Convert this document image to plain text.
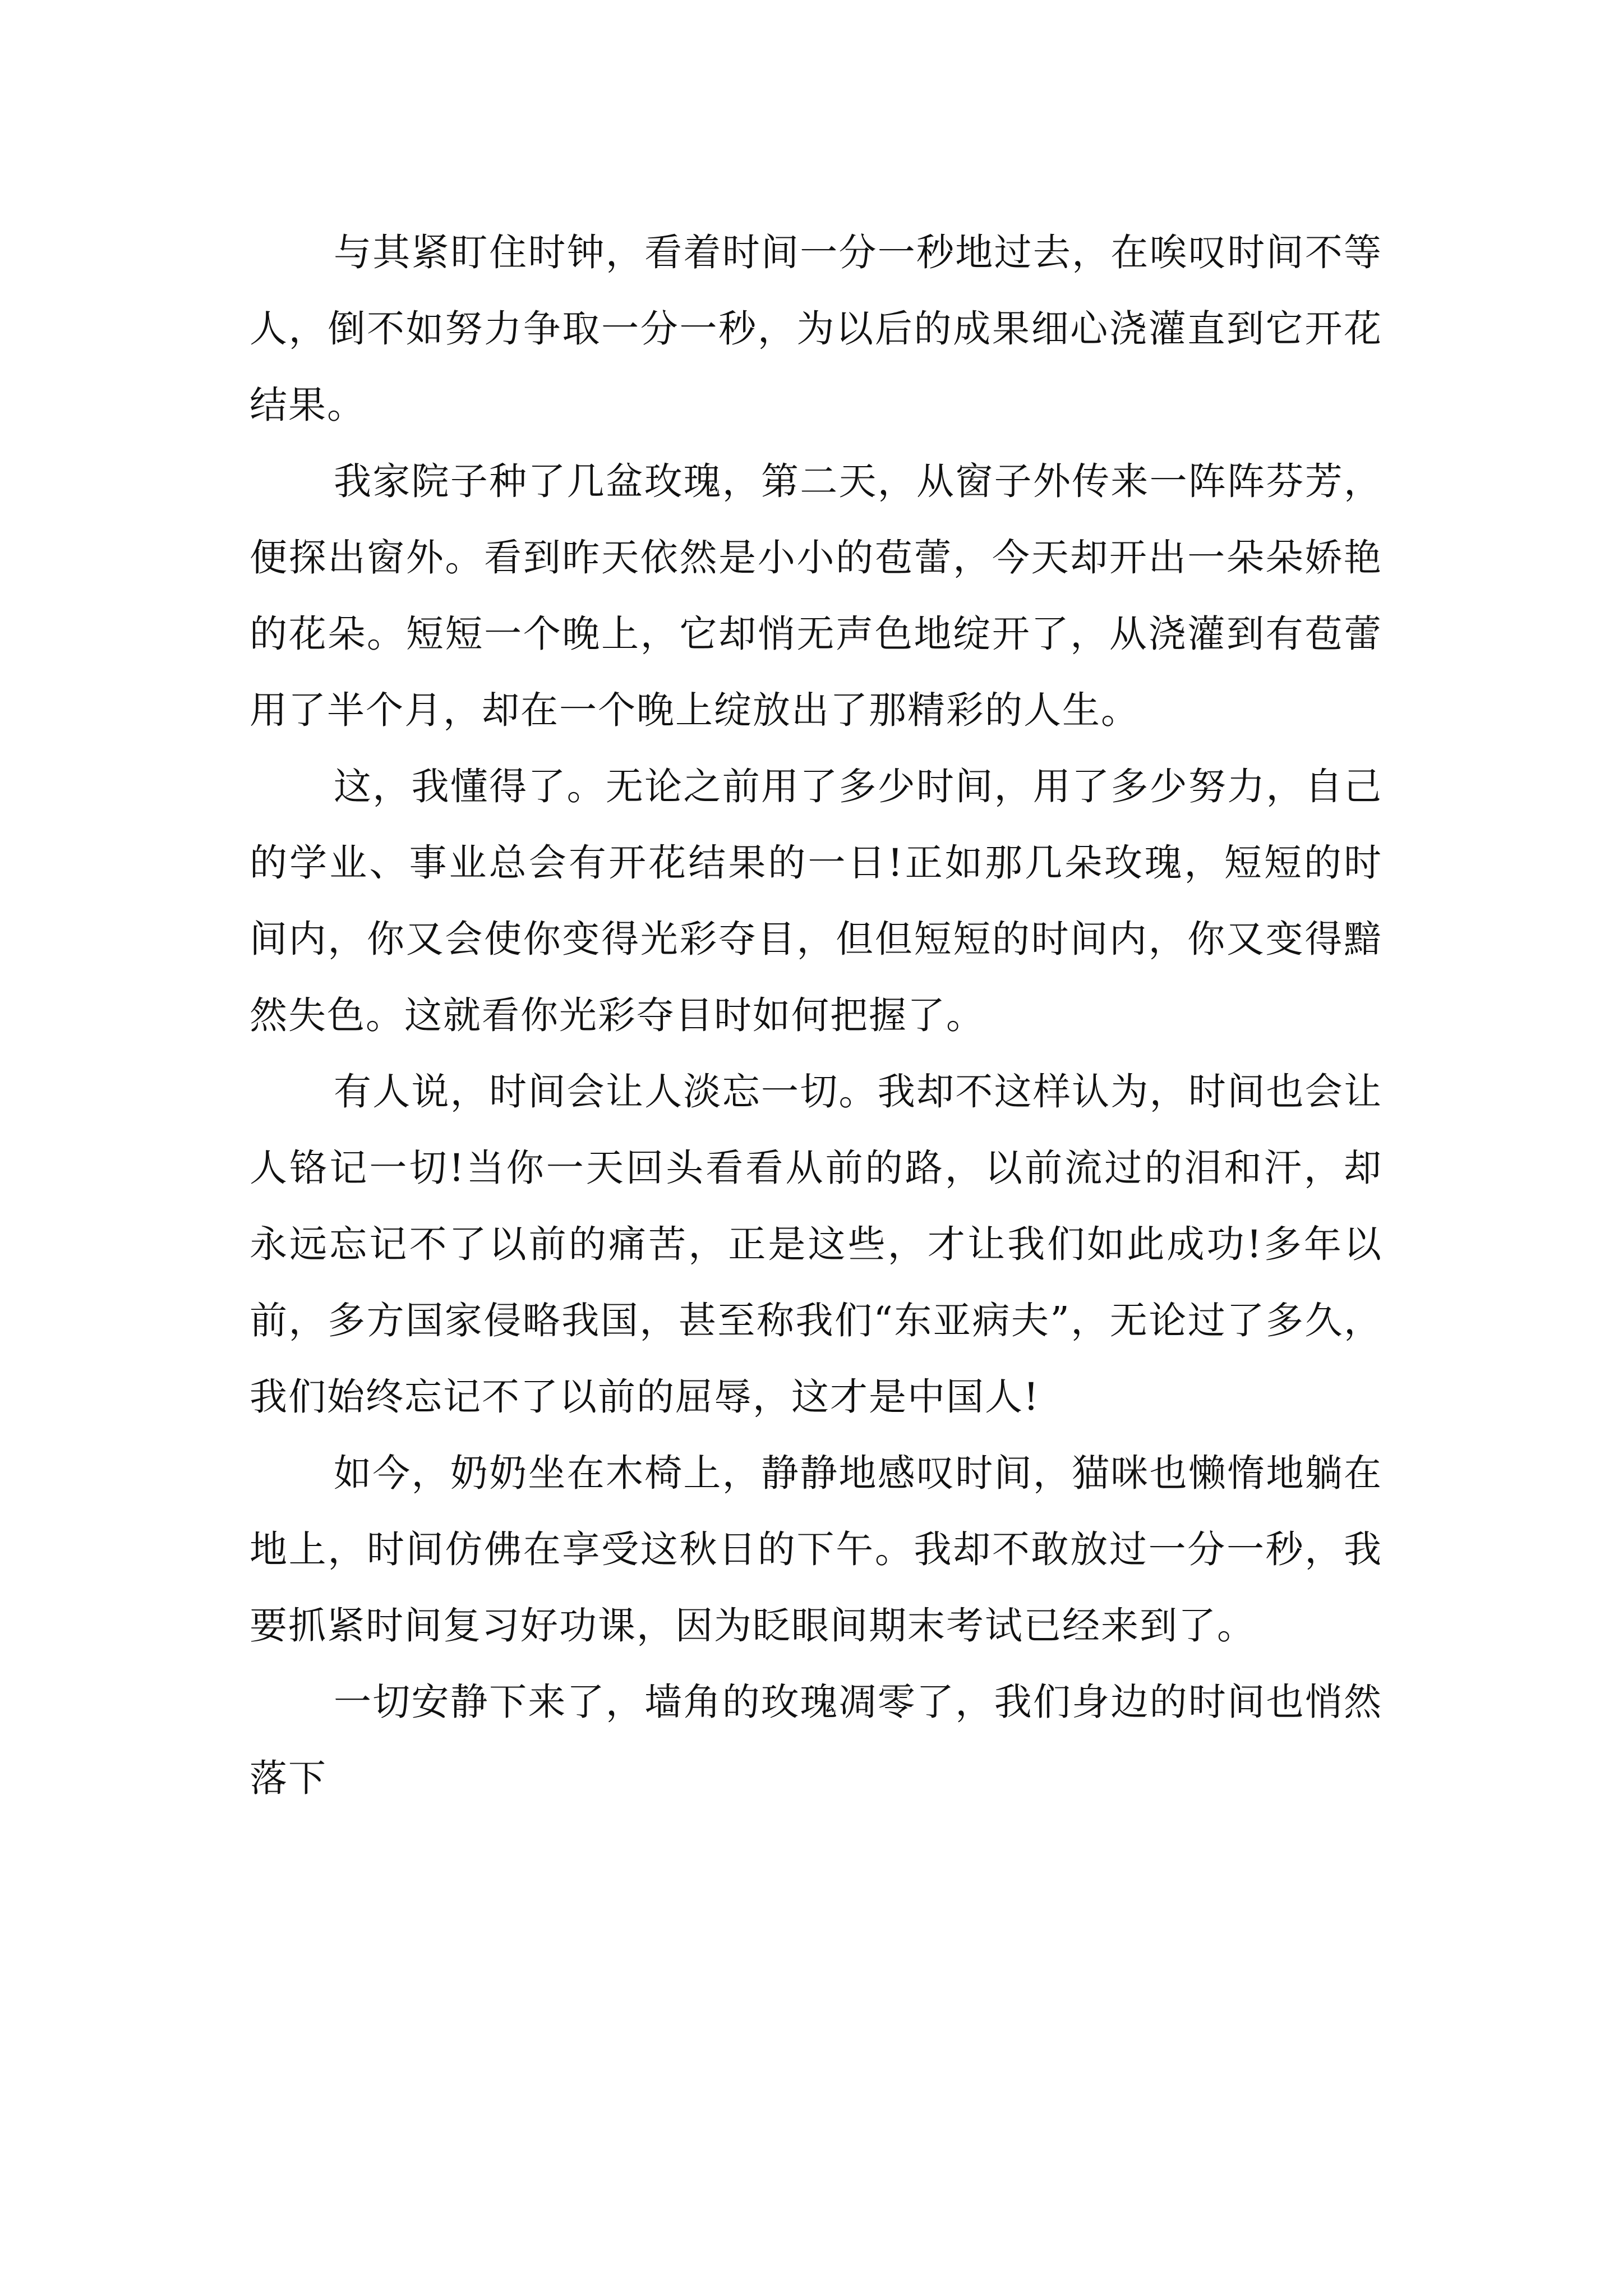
与其紧盯住时钟，看着时间一分一秒地过去，在唉叹时间不等人，倒不如努力争取一分一秒，为以后的成果细心浇灌直到它开花结果。

我家院子种了几盆玫瑰，第二天，从窗子外传来一阵阵芬芳，便探出窗外。看到昨天依然是小小的苞蕾，今天却开出一朵朵娇艳的花朵。短短一个晚上，它却悄无声色地绽开了，从浇灌到有苞蕾用了半个月，却在一个晚上绽放出了那精彩的人生。

这，我懂得了。无论之前用了多少时间，用了多少努力，自己的学业、事业总会有开花结果的一日!正如那几朵玫瑰，短短的时间内，你又会使你变得光彩夺目，但但短短的时间内，你又变得黯然失色。这就看你光彩夺目时如何把握了。

有人说，时间会让人淡忘一切。我却不这样认为，时间也会让人铬记一切!当你一天回头看看从前的路，以前流过的泪和汗，却永远忘记不了以前的痛苦，正是这些，才让我们如此成功!多年以前，多方国家侵略我国，甚至称我们“东亚病夫”，无论过了多久，我们始终忘记不了以前的屈辱，这才是中国人!

如今，奶奶坐在木椅上，静静地感叹时间，猫咪也懒惰地躺在地上，时间仿佛在享受这秋日的下午。我却不敢放过一分一秒，我要抓紧时间复习好功课，因为眨眼间期末考试已经来到了。

一切安静下来了，墙角的玫瑰凋零了，我们身边的时间也悄然落下
